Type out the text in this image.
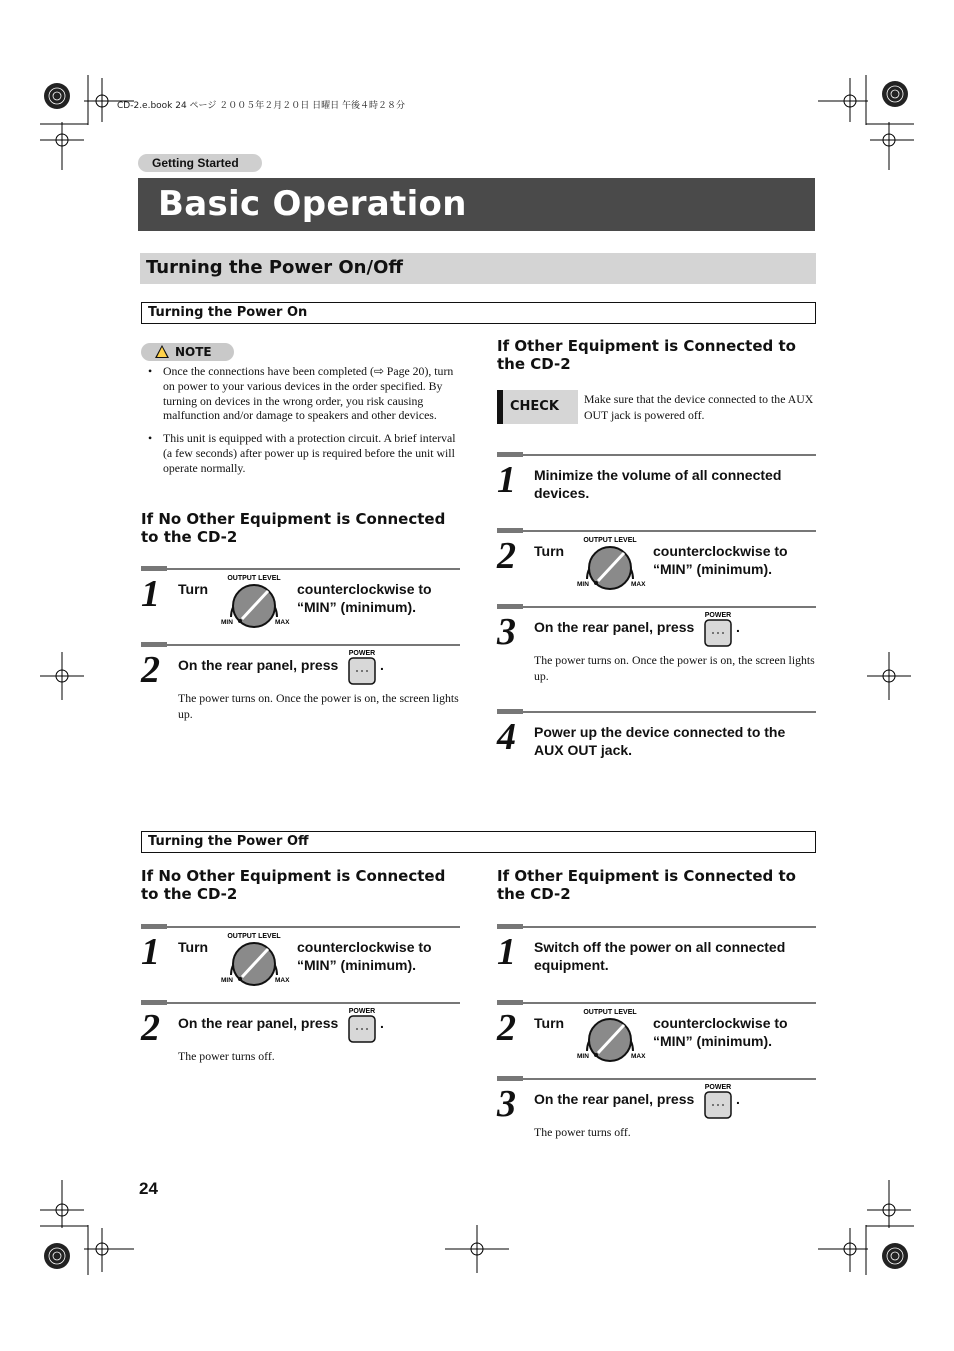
CD-2.e.book 24 ページ ２００５年２月２０日 日曜日 午後４時２８分
Getting Started
Basic Operation
Turning the Power On/Off
Turning the Power On
NOTE
• Once the connections have been completed (⇨ Page 20), turn on power to your various devices in the order specified. By turning on devices in the wrong order, you risk causing malfunction and/or damage to speakers and other devices.
• This unit is equipped with a protection circuit. A brief interval (a few seconds) after power up is required before the unit will operate normally.
If No Other Equipment is Connected to the CD-2
1 Turn
OUTPUT LEVEL
MIN	MAX
counterclockwise to “MIN” (minimum).
2 On the rear panel, press
POWER
.
The power turns on. Once the power is on, the screen lights up.
If Other Equipment is Connected to the CD-2
CHECK Make sure that the device connected to the AUX OUT jack is powered off.
1 Minimize the volume of all connected devices.
2 Turn
OUTPUT LEVEL
MIN	MAX
counterclockwise to “MIN” (minimum).
3 On the rear panel, press
POWER
.
The power turns on. Once the power is on, the screen lights up.
4 Power up the device connected to the AUX OUT jack.
Turning the Power Off
If No Other Equipment is Connected to the CD-2
1 Turn
OUTPUT LEVEL
MIN	MAX
counterclockwise to “MIN” (minimum).
2 On the rear panel, press
POWER
.
The power turns off.
If Other Equipment is Connected to the CD-2
1 Switch off the power on all connected equipment.
2 Turn
OUTPUT LEVEL
MIN	MAX
counterclockwise to “MIN” (minimum).
3 On the rear panel, press
POWER
.
The power turns off.
24
